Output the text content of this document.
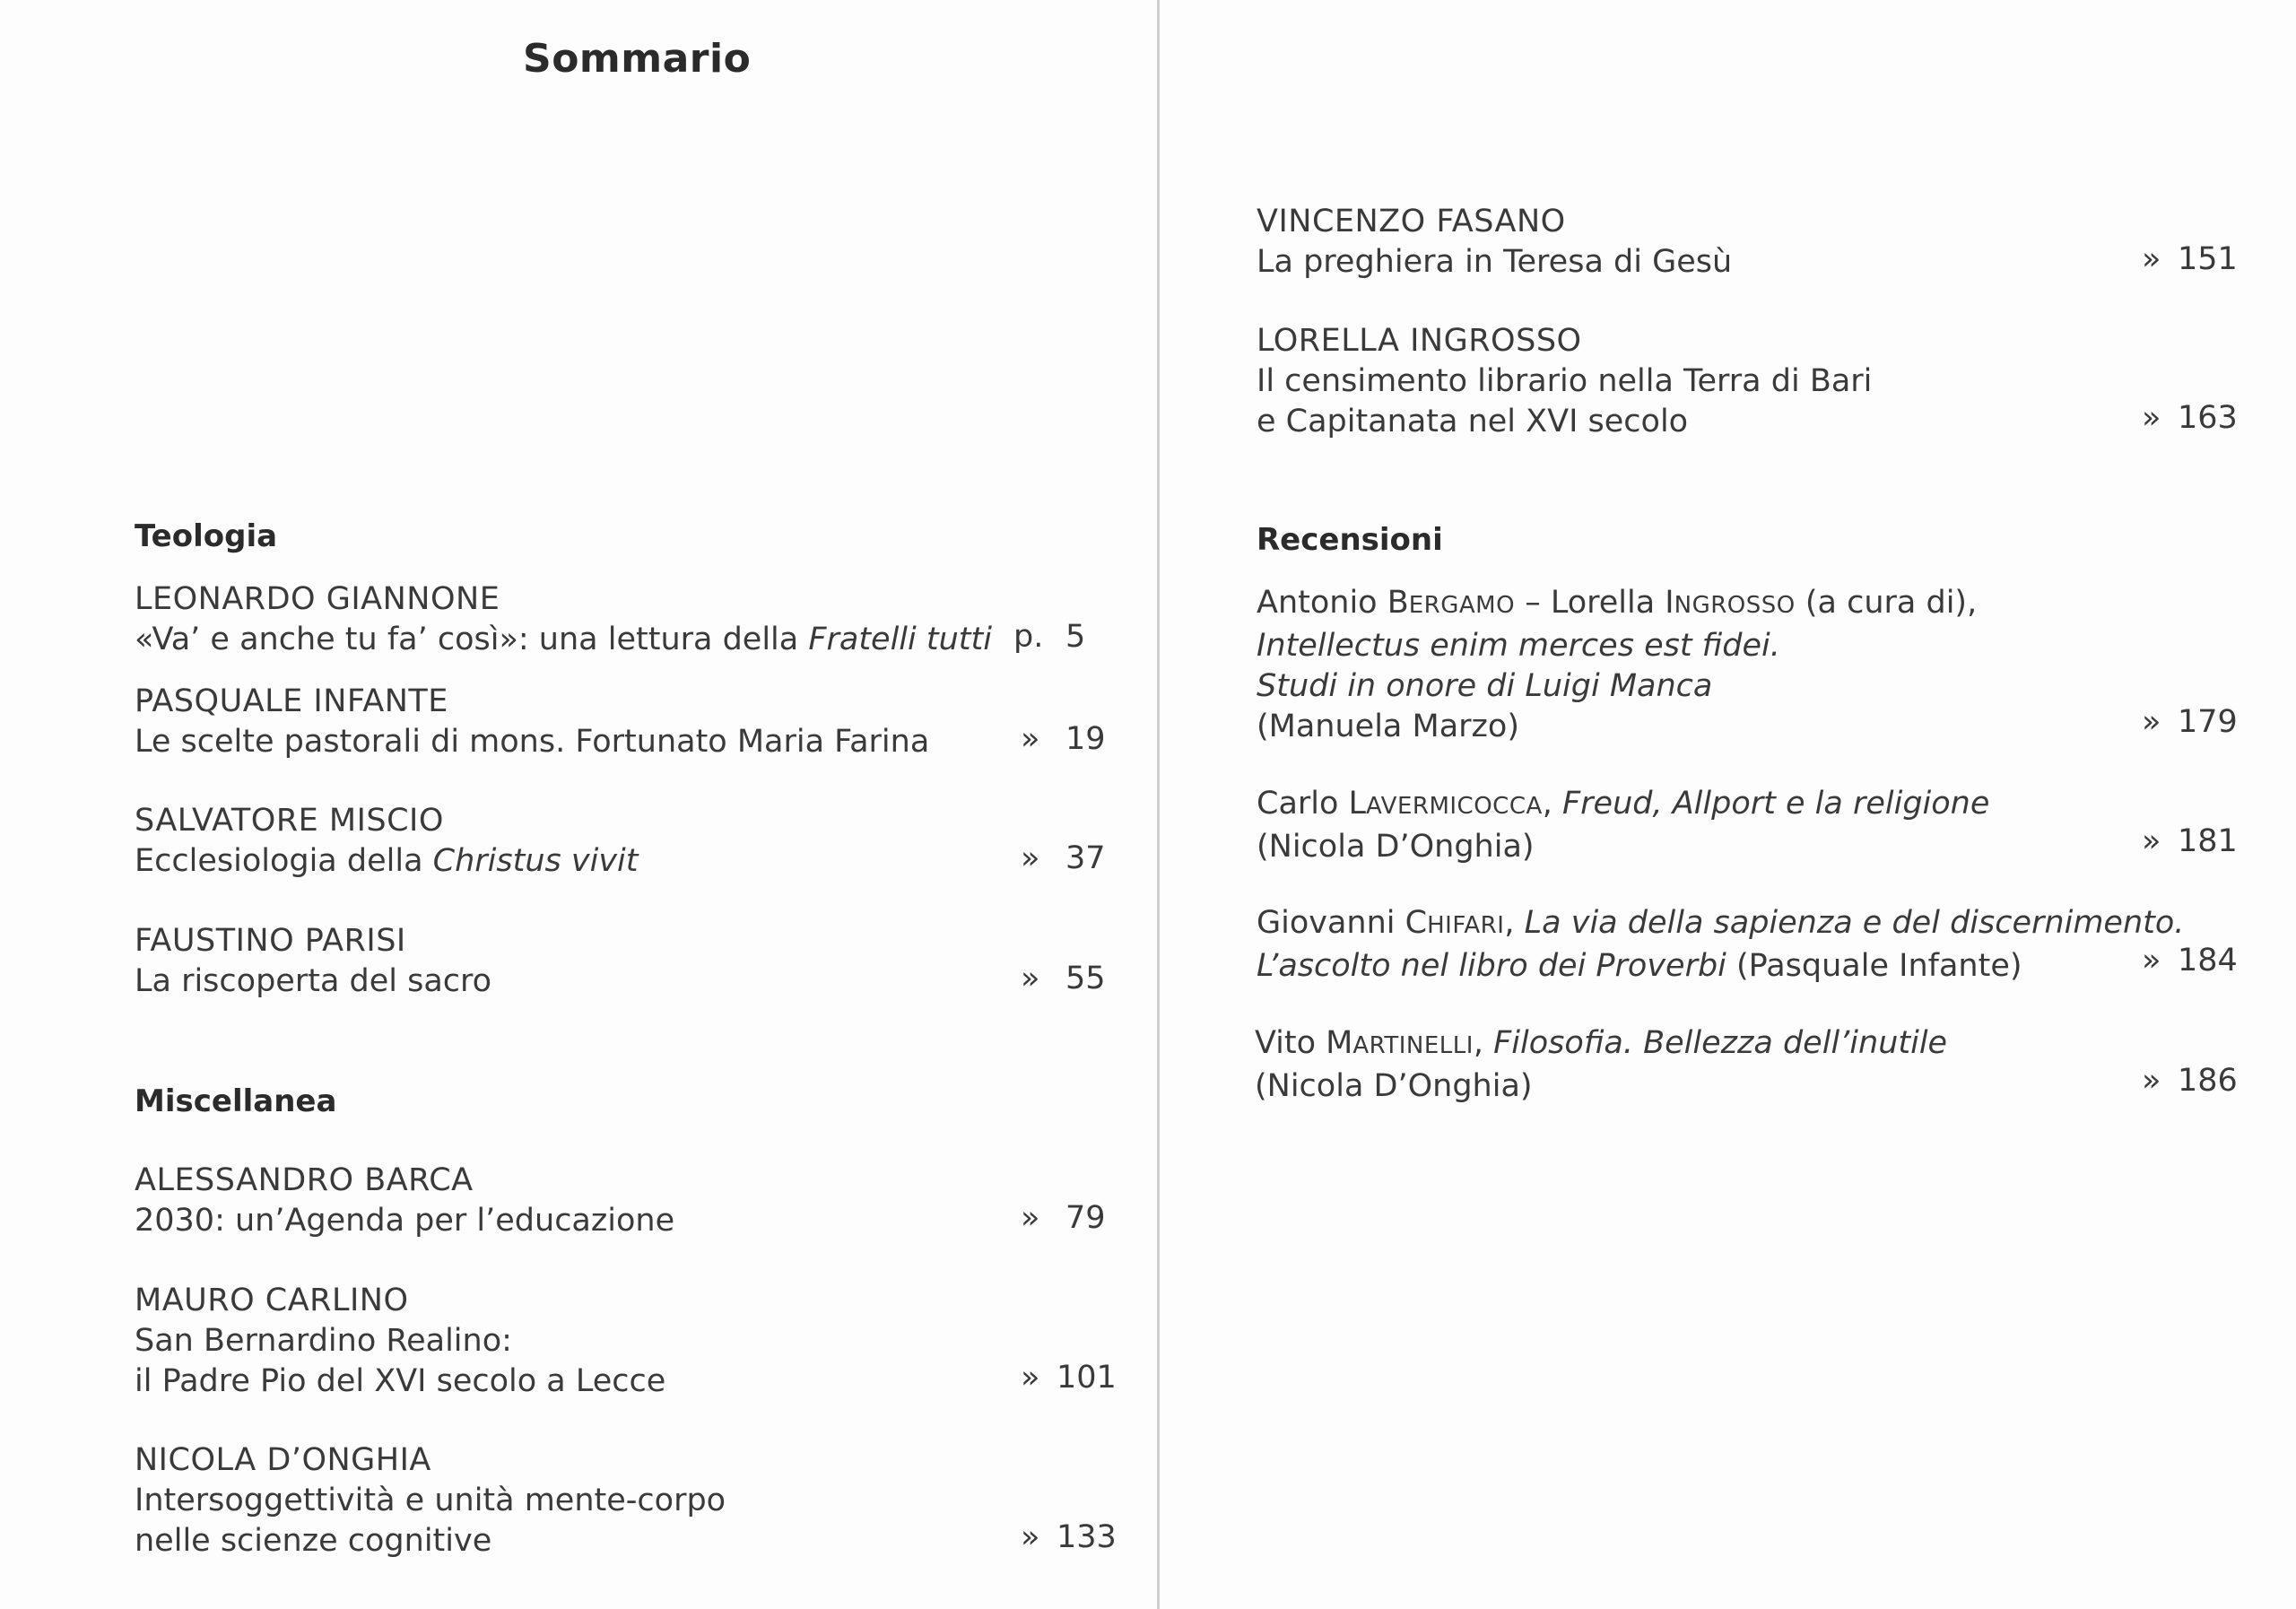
Sommario
Teologia
LEONARDO GIANNONE
«Va’ e anche tu fa’ così»: una lettura della Fratelli tutti p. 5
PASQUALE INFANTE
Le scelte pastorali di mons. Fortunato Maria Farina	» 19
SALVATORE MISCIO
Ecclesiologia della Christus vivit	» 37
FAUSTINO PARISI
La riscoperta del sacro	» 55
Miscellanea
ALESSANDRO BARCA
2030: un’Agenda per l’educazione	» 79
MAURO CARLINO
San Bernardino Realino:
il Padre Pio del XVI secolo a Lecce	» 101
NICOLA D’ONGHIA
Intersoggettività e unità mente-corpo
nelle scienze cognitive	» 133
VINCENZO FASANO
La preghiera in Teresa di Gesù	» 151
LORELLA INGROSSO
Il censimento librario nella Terra di Bari
e Capitanata nel XVI secolo	» 163
Recensioni
Antonio BERGAMO – Lorella INGROSSO (a cura di),
Intellectus enim merces est fidei.
Studi in onore di Luigi Manca
(Manuela Marzo)	» 179
Carlo LAVERMICOCCA, Freud, Allport e la religione
(Nicola D’Onghia)	» 181
Giovanni CHIFARI, La via della sapienza e del discernimento.
L’ascolto nel libro dei Proverbi (Pasquale Infante)	» 184
Vito MARTINELLI, Filosofia. Bellezza dell’inutile
(Nicola D’Onghia)	» 186
